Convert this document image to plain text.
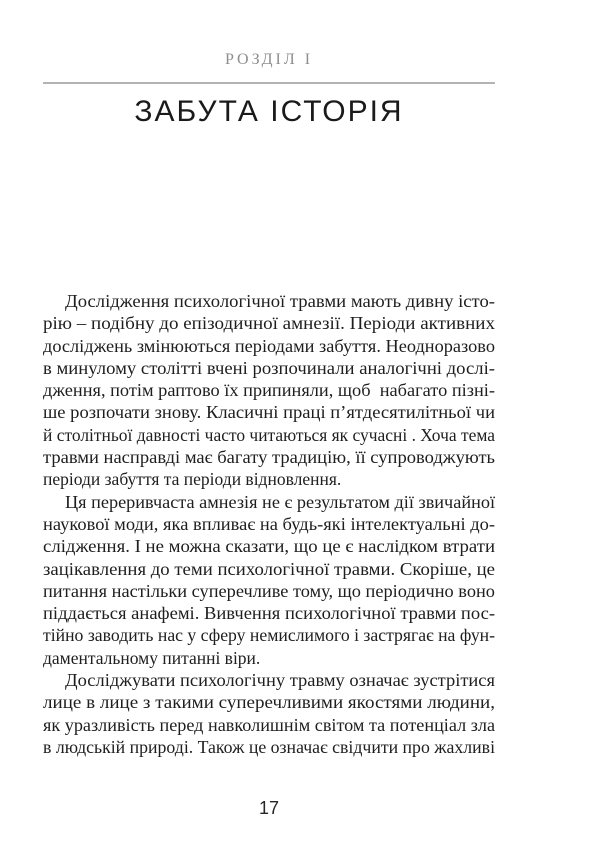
РОЗДІЛ I
ЗАБУТА ІСТОРІЯ
Дослідження психологічної травми мають дивну істо-
рію – подібну до епізодичної амнезії. Періоди активних
досліджень змінюються періодами забуття. Неодноразово
в минулому столітті вчені розпочинали аналогічні дослі-
дження, потім раптово їх припиняли, щоб  набагато пізні-
ше розпочати знову. Класичні праці п’ятдесятилітньої чи
й столітньої давності часто читаються як сучасні . Хоча тема
травми насправді має багату традицію, її супроводжують
періоди забуття та періоди відновлення.
Ця переривчаста амнезія не є результатом дії звичайної
наукової моди, яка впливає на будь-які інтелектуальні до-
слідження. І не можна сказати, що це є наслідком втрати
зацікавлення до теми психологічної травми. Скоріше, це
питання настільки суперечливе тому, що періодично воно
піддається анафемі. Вивчення психологічної травми пос-
тійно заводить нас у сферу немислимого і застрягає на фун-
даментальному питанні віри.
Досліджувати психологічну травму означає зустрітися
лице в лице з такими суперечливими якостями людини,
як уразливість перед навколишнім світом та потенціал зла
в людській природі. Також це означає свідчити про жахливі
17
